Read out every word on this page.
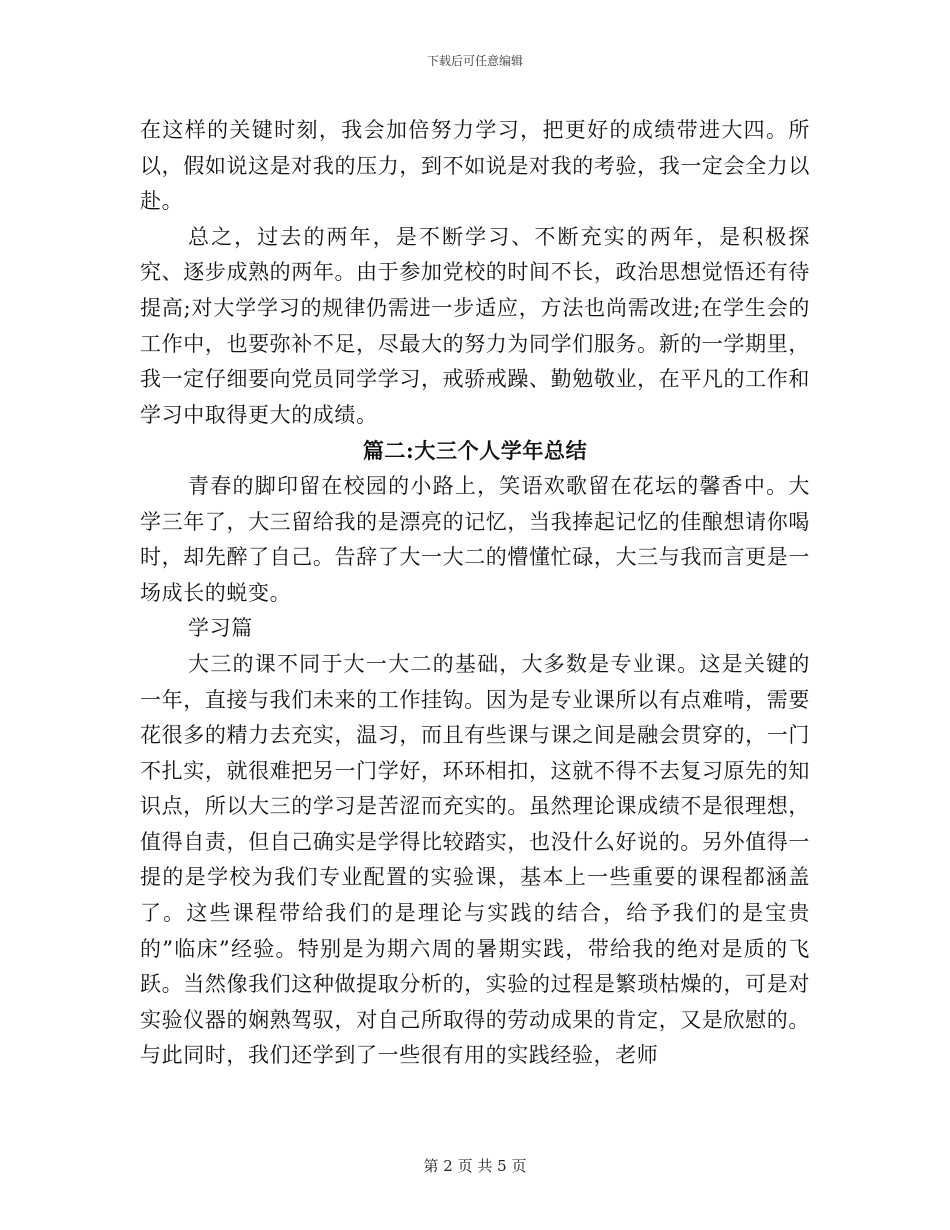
下载后可任意编辑

在这样的关键时刻，我会加倍努力学习，把更好的成绩带进大四。所以，假如说这是对我的压力，到不如说是对我的考验，我一定会全力以赴。

总之，过去的两年，是不断学习、不断充实的两年，是积极探究、逐步成熟的两年。由于参加党校的时间不长，政治思想觉悟还有待提高;对大学学习的规律仍需进一步适应，方法也尚需改进;在学生会的工作中，也要弥补不足，尽最大的努力为同学们服务。新的一学期里，我一定仔细要向党员同学学习，戒骄戒躁、勤勉敬业，在平凡的工作和学习中取得更大的成绩。

篇二:大三个人学年总结

青春的脚印留在校园的小路上，笑语欢歌留在花坛的馨香中。大学三年了，大三留给我的是漂亮的记忆，当我捧起记忆的佳酿想请你喝时，却先醉了自己。告辞了大一大二的懵懂忙碌，大三与我而言更是一场成长的蜕变。

学习篇

大三的课不同于大一大二的基础，大多数是专业课。这是关键的一年，直接与我们未来的工作挂钩。因为是专业课所以有点难啃，需要花很多的精力去充实，温习，而且有些课与课之间是融会贯穿的，一门不扎实，就很难把另一门学好，环环相扣，这就不得不去复习原先的知识点，所以大三的学习是苦涩而充实的。虽然理论课成绩不是很理想，值得自责，但自己确实是学得比较踏实，也没什么好说的。另外值得一提的是学校为我们专业配置的实验课，基本上一些重要的课程都涵盖了。这些课程带给我们的是理论与实践的结合，给予我们的是宝贵的”临床”经验。特别是为期六周的暑期实践，带给我的绝对是质的飞跃。当然像我们这种做提取分析的，实验的过程是繁琐枯燥的，可是对实验仪器的娴熟驾驭，对自己所取得的劳动成果的肯定，又是欣慰的。与此同时，我们还学到了一些很有用的实践经验，老师

第 2 页 共 5 页
